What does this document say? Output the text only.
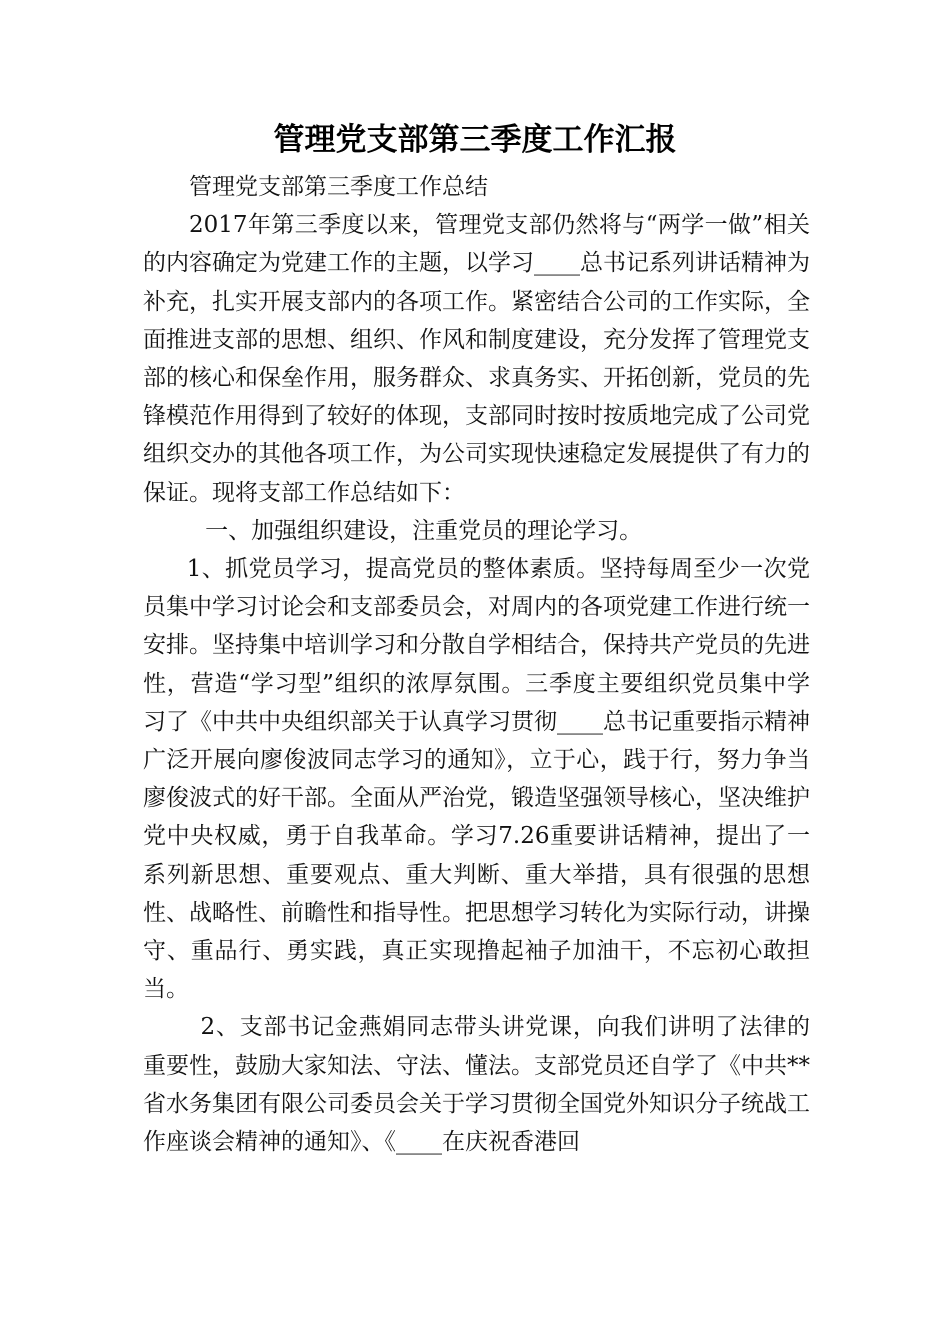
管理党支部第三季度工作汇报

管理党支部第三季度工作总结

2017年第三季度以来，管理党支部仍然将与“两学一做”相关的内容确定为党建工作的主题，以学习____总书记系列讲话精神为补充，扎实开展支部内的各项工作。紧密结合公司的工作实际，全面推进支部的思想、组织、作风和制度建设，充分发挥了管理党支部的核心和保垒作用，服务群众、求真务实、开拓创新，党员的先锋模范作用得到了较好的体现，支部同时按时按质地完成了公司党组织交办的其他各项工作，为公司实现快速稳定发展提供了有力的保证。现将支部工作总结如下：

一、加强组织建设，注重党员的理论学习。

1、抓党员学习，提高党员的整体素质。坚持每周至少一次党员集中学习讨论会和支部委员会，对周内的各项党建工作进行统一安排。坚持集中培训学习和分散自学相结合，保持共产党员的先进性，营造“学习型”组织的浓厚氛围。三季度主要组织党员集中学习了《中共中央组织部关于认真学习贯彻____总书记重要指示精神广泛开展向廖俊波同志学习的通知》，立于心，践于行，努力争当廖俊波式的好干部。全面从严治党，锻造坚强领导核心，坚决维护党中央权威，勇于自我革命。学习7.26重要讲话精神，提出了一系列新思想、重要观点、重大判断、重大举措，具有很强的思想性、战略性、前瞻性和指导性。把思想学习转化为实际行动，讲操守、重品行、勇实践，真正实现撸起袖子加油干，不忘初心敢担当。

2、支部书记金燕娟同志带头讲党课，向我们讲明了法律的重要性，鼓励大家知法、守法、懂法。支部党员还自学了《中共**省水务集团有限公司委员会关于学习贯彻全国党外知识分子统战工作座谈会精神的通知》、《____在庆祝香港回
